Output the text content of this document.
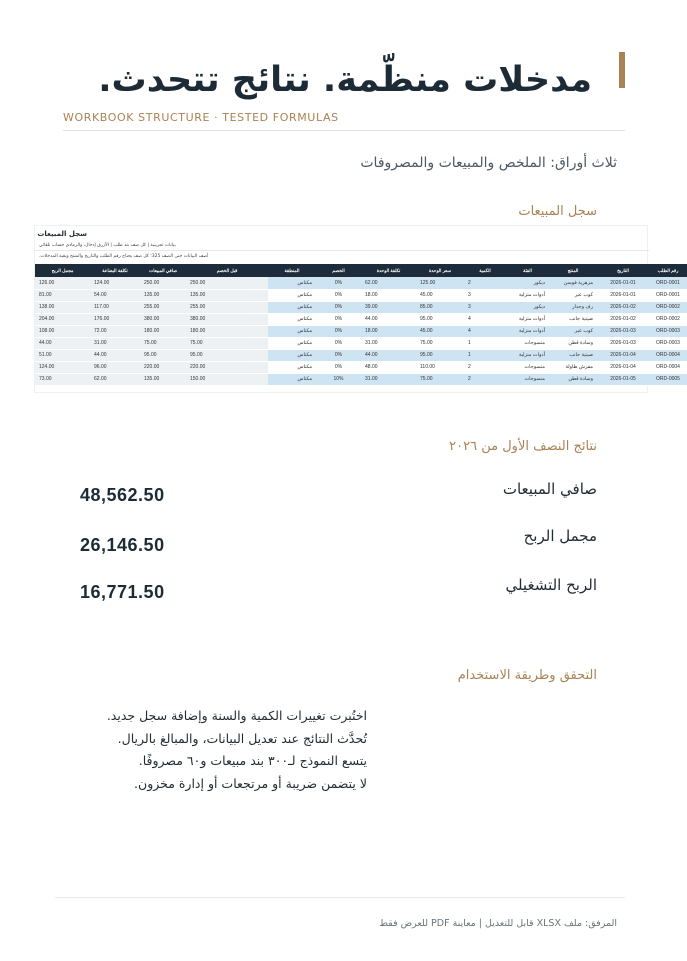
مدخلات منظّمة. نتائج تتحدث.
WORKBOOK STRUCTURE · TESTED FORMULAS
ثلاث أوراق: الملخص والمبيعات والمصروفات
سجل المبيعات
سجل المبيعات
بيانات تجريبية | كل صف بند طلب | الأزرق إدخال، والرمادي حساب تلقائي
أضف البيانات حتى الصف 325؛ كل صف يحتاج رقم الطلب والتاريخ والمنتج وبقية المدخلات.
رقم الطلب	التاريخ	المنتج	الفئة	الكمية	سعر الوحدة	تكلفة الوحدة	الخصم	المنطقة	قبل الخصم	صافي المبيعات	تكلفة البضاعة	مجمل الربح
ORD-0001	2026-01-01	مزهرية فوسن	ديكور	2	125.00	62.00	0%	مكناس	250.00	250.00	124.00	126.00
ORD-0001	2026-01-01	كوب عبر	أدوات منزلية	3	45.00	18.00	0%	مكناس	135.00	135.00	54.00	81.00
ORD-0002	2026-01-02	رف وجدار	ديكور	3	85.00	39.00	0%	مكناس	255.00	255.00	117.00	138.00
ORD-0002	2026-01-02	صينية جانب	أدوات منزلية	4	95.00	44.00	0%	مكناس	380.00	380.00	176.00	204.00
ORD-0003	2026-01-03	كوب عبر	أدوات منزلية	4	45.00	18.00	0%	مكناس	180.00	180.00	72.00	108.00
ORD-0003	2026-01-03	وسادة قطن	منسوجات	1	75.00	31.00	0%	مكناس	75.00	75.00	31.00	44.00
ORD-0004	2026-01-04	صينية جانب	أدوات منزلية	1	95.00	44.00	0%	مكناس	95.00	95.00	44.00	51.00
ORD-0004	2026-01-04	مفرش طاولة	منسوجات	2	110.00	48.00	0%	مكناس	220.00	220.00	96.00	124.00
ORD-0005	2026-01-05	وسادة قطن	منسوجات	2	75.00	31.00	10%	مكناس	150.00	135.00	62.00	73.00
نتائج النصف الأول من ٢٠٢٦
صافي المبيعات
48,562.50
مجمل الربح
26,146.50
الربح التشغيلي
16,771.50
التحقق وطريقة الاستخدام
اختُبرت تغييرات الكمية والسنة وإضافة سجل جديد.
تُحدَّث النتائج عند تعديل البيانات، والمبالغ بالريال.
يتسع النموذج لـ٣٠٠ بند مبيعات و٦٠ مصروفًا.
لا يتضمن ضريبة أو مرتجعات أو إدارة مخزون.
المرفق: ملف XLSX قابل للتعديل | معاينة PDF للعرض فقط
